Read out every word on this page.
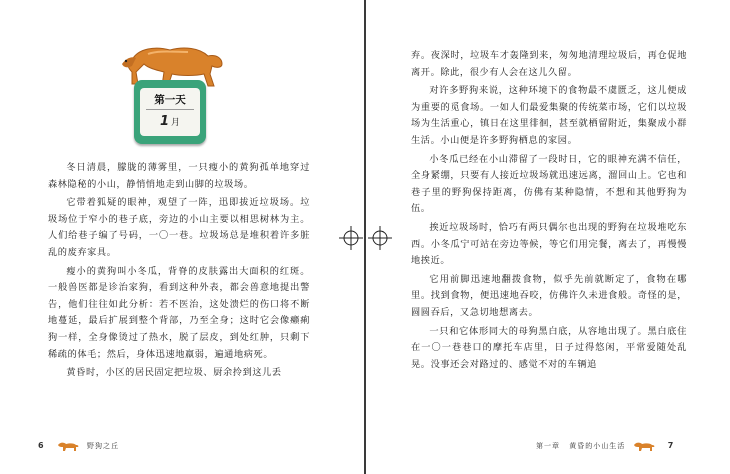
第一天
1 月

冬日清晨，朦胧的薄雾里，一只瘦小的黄狗孤单地穿过森林隐秘的小山，静悄悄地走到山脚的垃圾场。

它带着狐疑的眼神，观望了一阵，迅即拔近垃圾场。垃圾场位于窄小的巷子底，旁边的小山主要以相思树林为主。人们给巷子编了号码，一〇一巷。垃圾场总是堆积着许多脏乱的废弃家具。

瘦小的黄狗叫小冬瓜，背脊的皮肤露出大面积的红斑。一般兽医都是诊治家狗，看到这种外表，都会兽意地提出警告，他们往往如此分析：若不医治，这处溃烂的伤口将不断地蔓延，最后扩展到整个背部，乃至全身；这时它会像癞痢狗一样，全身像烫过了热水，脱了层皮，到处红肿，只剩下稀疏的体毛；然后，身体迅速地羸弱，遍通地病死。

黄昏时，小区的居民固定把垃圾、厨余拎到这儿丢

6	野狗之丘

弃。夜深时，垃圾车才轰隆到来，匆匆地清理垃圾后，再仓促地离开。除此，很少有人会在这儿久留。

对许多野狗来说，这种环境下的食物最不虞匮乏，这儿便成为重要的觅食场。一如人们最爱集聚的传统菜市场，它们以垃圾场为生活重心，镇日在这里徘徊，甚至就栖留附近，集聚成小群生活。小山便是许多野狗栖息的家园。

小冬瓜已经在小山滞留了一段时日，它的眼神充满不信任，全身紧绷，只要有人接近垃圾场就迅速远离，溜回山上。它也和巷子里的野狗保持距离，仿佛有某种隐情，不想和其他野狗为伍。

挨近垃圾场时，恰巧有两只偶尔也出现的野狗在垃圾堆吃东西。小冬瓜宁可站在旁边等候，等它们用完餐，离去了，再慢慢地挨近。

它用前脚迅速地翻拨食物，似乎先前就断定了，食物在哪里。找到食物，便迅速地吞咬，仿佛许久未进食般。奇怪的是，圆圆吞后，又急切地想离去。

一只和它体形同大的母狗黑白底，从容地出现了。黑白底住在一〇一巷巷口的摩托车店里，日子过得悠闲，平常爱随处乱晃。没事还会对路过的、感觉不对的车辆追

第一章 黄昏的小山生活	7
